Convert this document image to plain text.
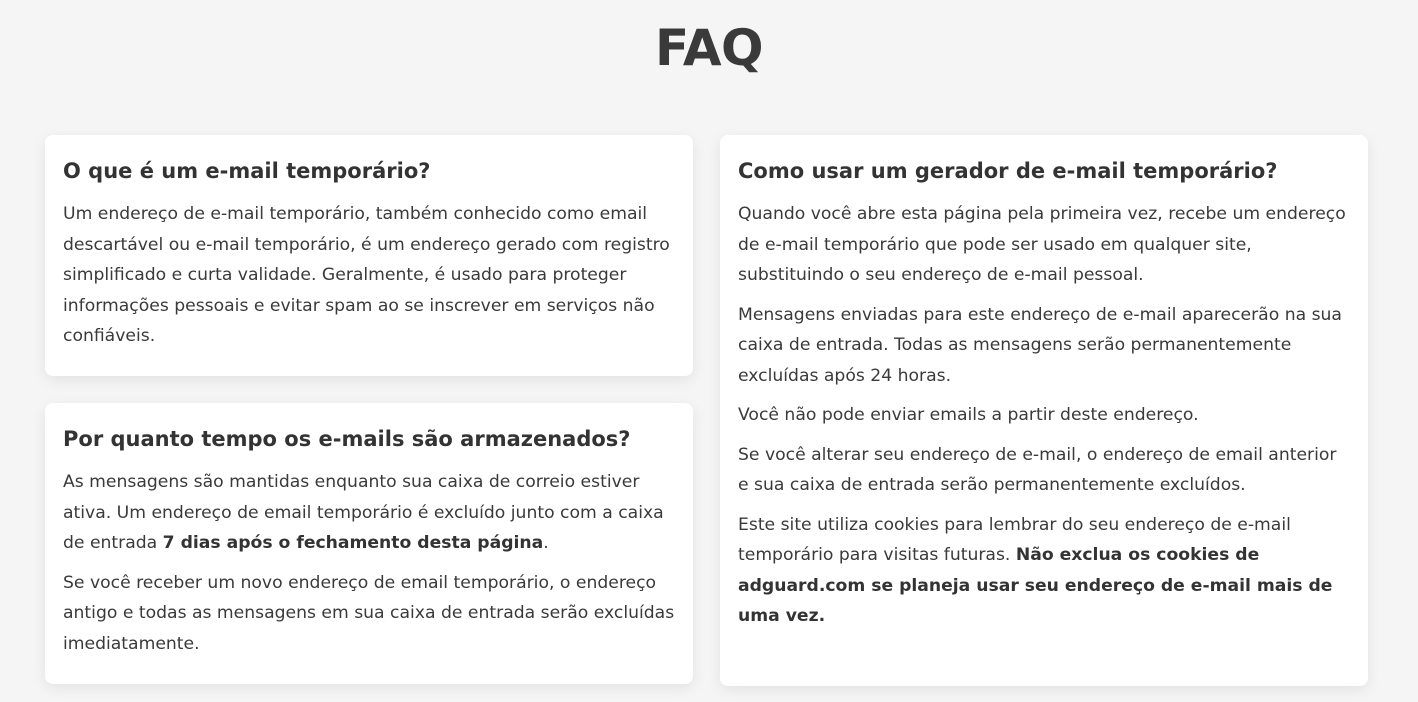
FAQ
O que é um e-mail temporário?

Um endereço de e-mail temporário, também conhecido como email descartável ou e-mail temporário, é um endereço gerado com registro simplificado e curta validade. Geralmente, é usado para proteger informações pessoais e evitar spam ao se inscrever em serviços não confiáveis.

Por quanto tempo os e-mails são armazenados?

As mensagens são mantidas enquanto sua caixa de correio estiver ativa. Um endereço de email temporário é excluído junto com a caixa de entrada 7 dias após o fechamento desta página.

Se você receber um novo endereço de email temporário, o endereço antigo e todas as mensagens em sua caixa de entrada serão excluídas imediatamente.

Como usar um gerador de e-mail temporário?

Quando você abre esta página pela primeira vez, recebe um endereço de e-mail temporário que pode ser usado em qualquer site, substituindo o seu endereço de e-mail pessoal.

Mensagens enviadas para este endereço de e-mail aparecerão na sua caixa de entrada. Todas as mensagens serão permanentemente excluídas após 24 horas.

Você não pode enviar emails a partir deste endereço.

Se você alterar seu endereço de e-mail, o endereço de email anterior e sua caixa de entrada serão permanentemente excluídos.

Este site utiliza cookies para lembrar do seu endereço de e-mail temporário para visitas futuras. Não exclua os cookies de adguard.com se planeja usar seu endereço de e-mail mais de uma vez.
